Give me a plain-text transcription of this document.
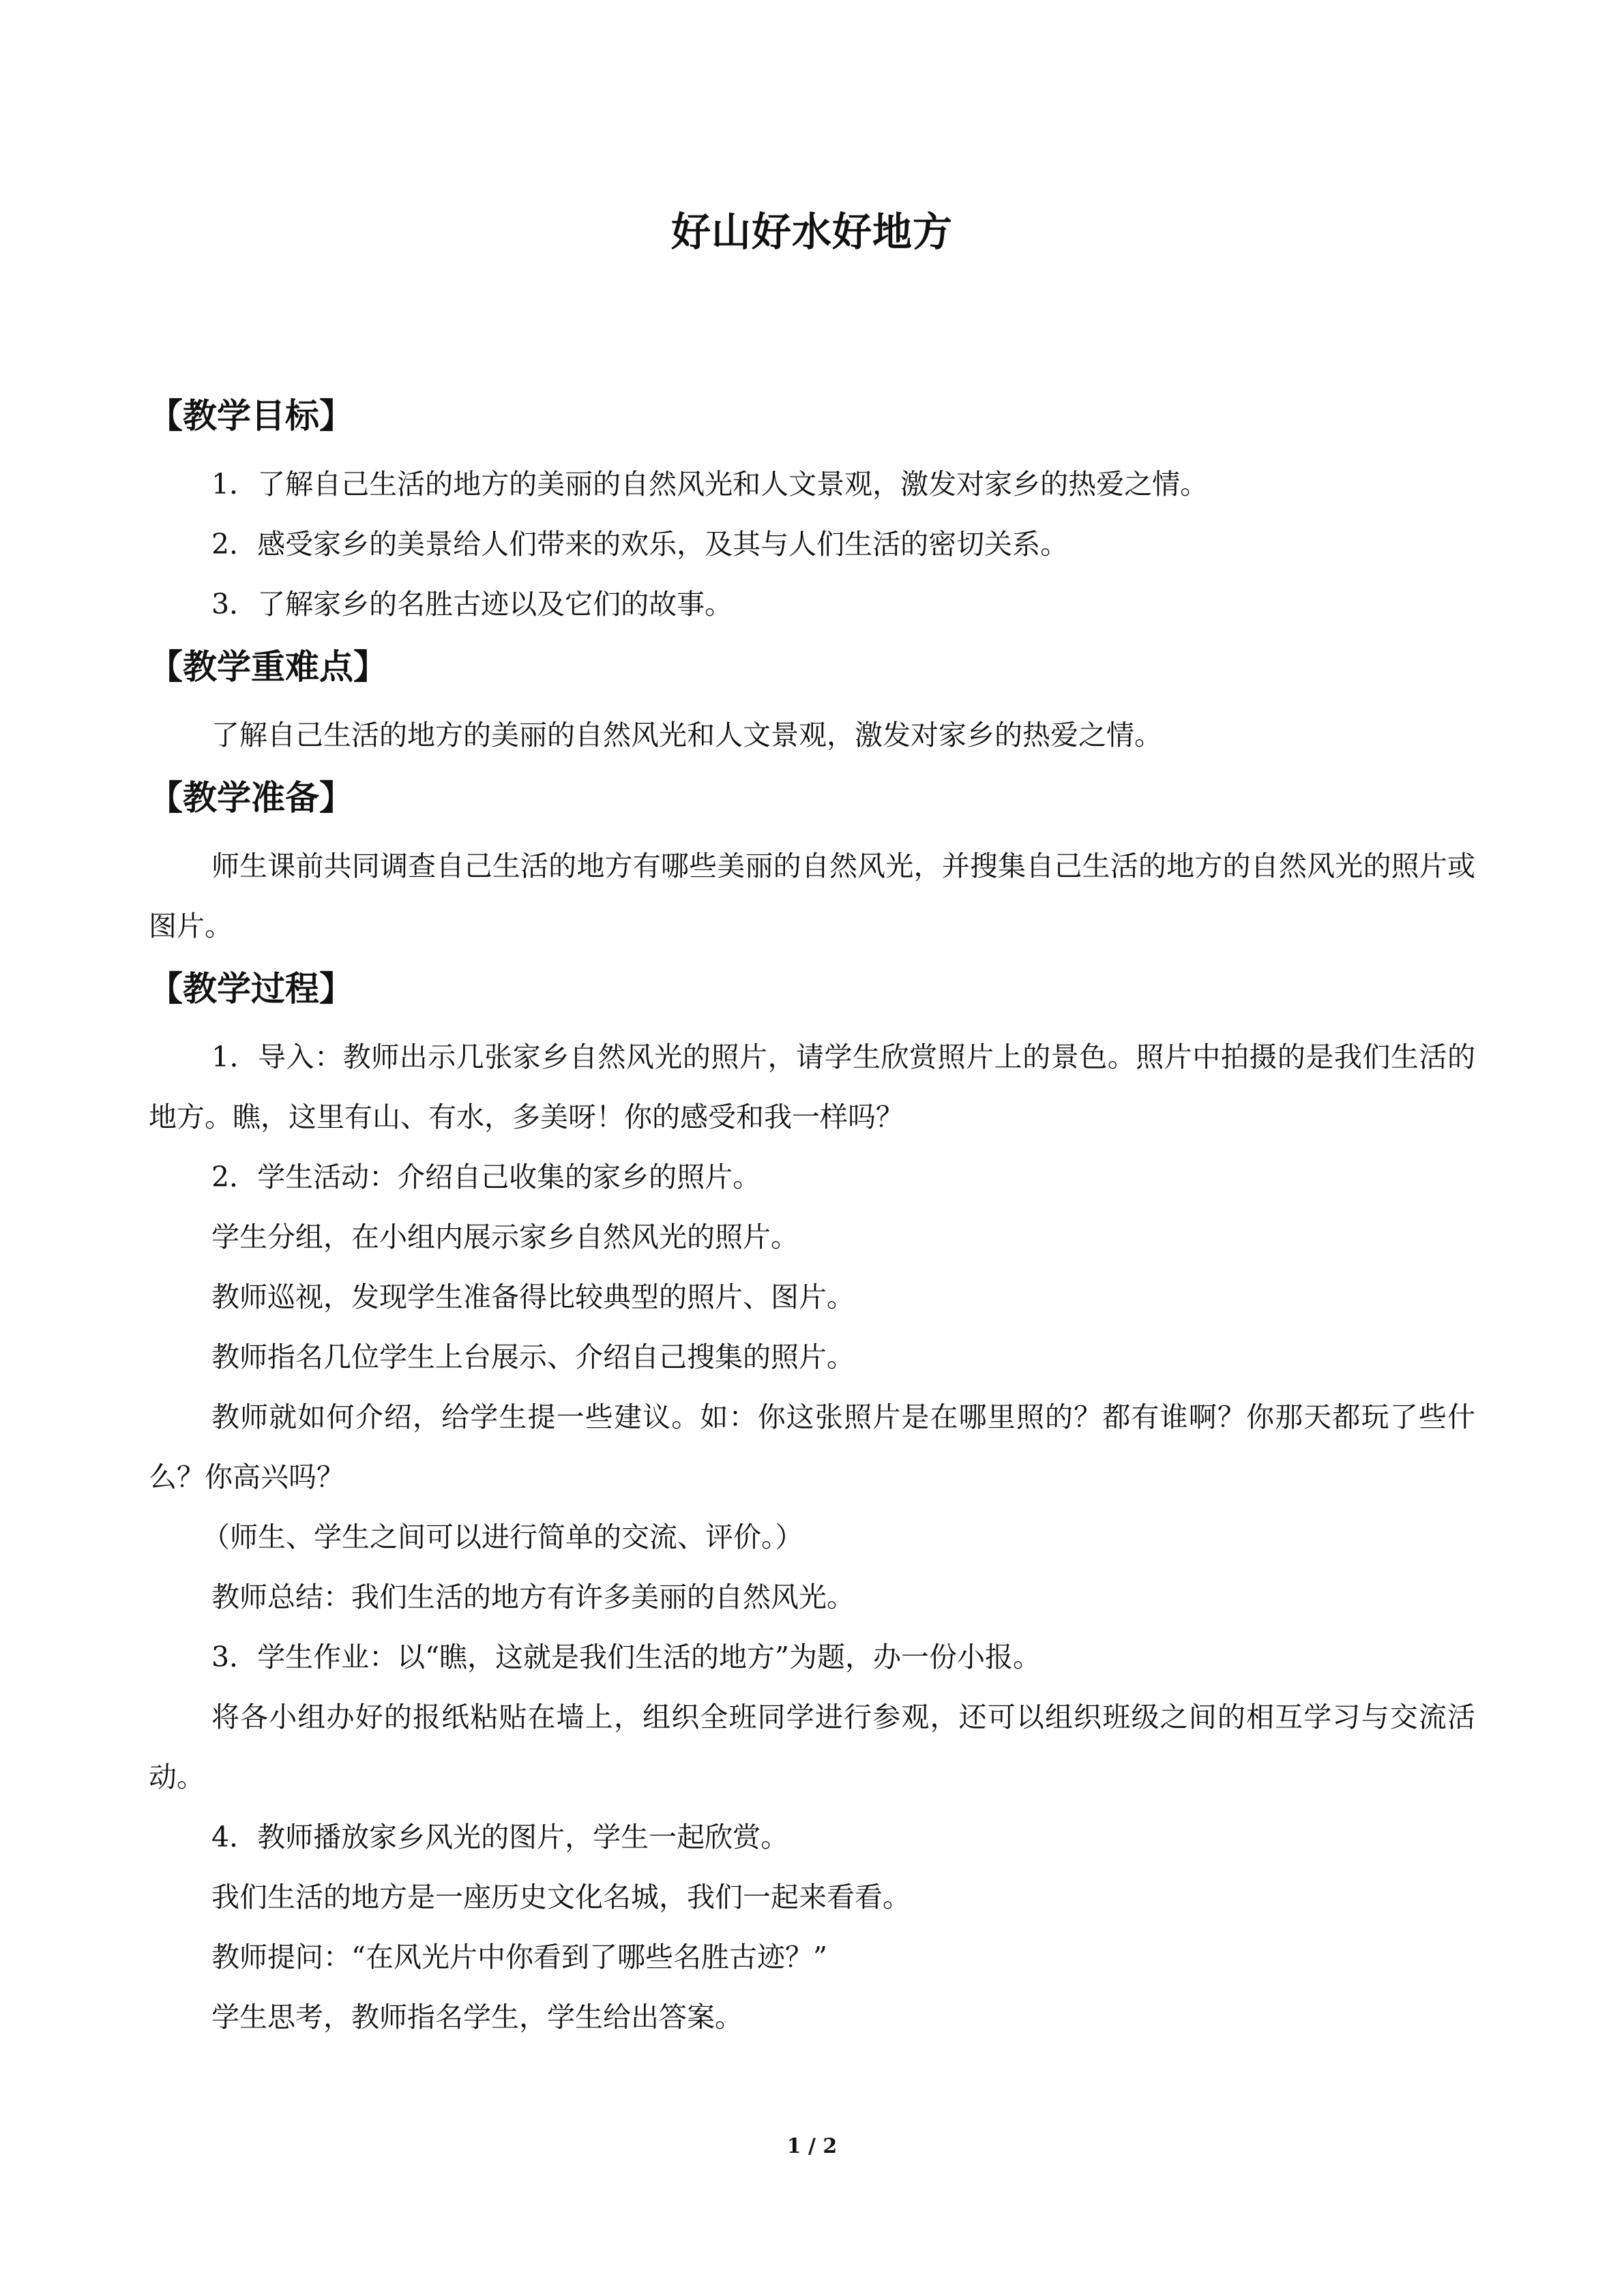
好山好水好地方
【教学目标】

1．了解自己生活的地方的美丽的自然风光和人文景观，激发对家乡的热爱之情。

2．感受家乡的美景给人们带来的欢乐，及其与人们生活的密切关系。

3．了解家乡的名胜古迹以及它们的故事。

【教学重难点】

了解自己生活的地方的美丽的自然风光和人文景观，激发对家乡的热爱之情。

【教学准备】

师生课前共同调查自己生活的地方有哪些美丽的自然风光，并搜集自己生活的地方的自然风光的照片或图片。

【教学过程】

1．导入：教师出示几张家乡自然风光的照片，请学生欣赏照片上的景色。照片中拍摄的是我们生活的地方。瞧，这里有山、有水，多美呀！你的感受和我一样吗？

2．学生活动：介绍自己收集的家乡的照片。

学生分组，在小组内展示家乡自然风光的照片。

教师巡视，发现学生准备得比较典型的照片、图片。

教师指名几位学生上台展示、介绍自己搜集的照片。

教师就如何介绍，给学生提一些建议。如：你这张照片是在哪里照的？都有谁啊？你那天都玩了些什么？你高兴吗？

（师生、学生之间可以进行简单的交流、评价。）

教师总结：我们生活的地方有许多美丽的自然风光。

3．学生作业：以“瞧，这就是我们生活的地方”为题，办一份小报。

将各小组办好的报纸粘贴在墙上，组织全班同学进行参观，还可以组织班级之间的相互学习与交流活动。

4．教师播放家乡风光的图片，学生一起欣赏。

我们生活的地方是一座历史文化名城，我们一起来看看。

教师提问：“在风光片中你看到了哪些名胜古迹？”

学生思考，教师指名学生，学生给出答案。

1 / 2
